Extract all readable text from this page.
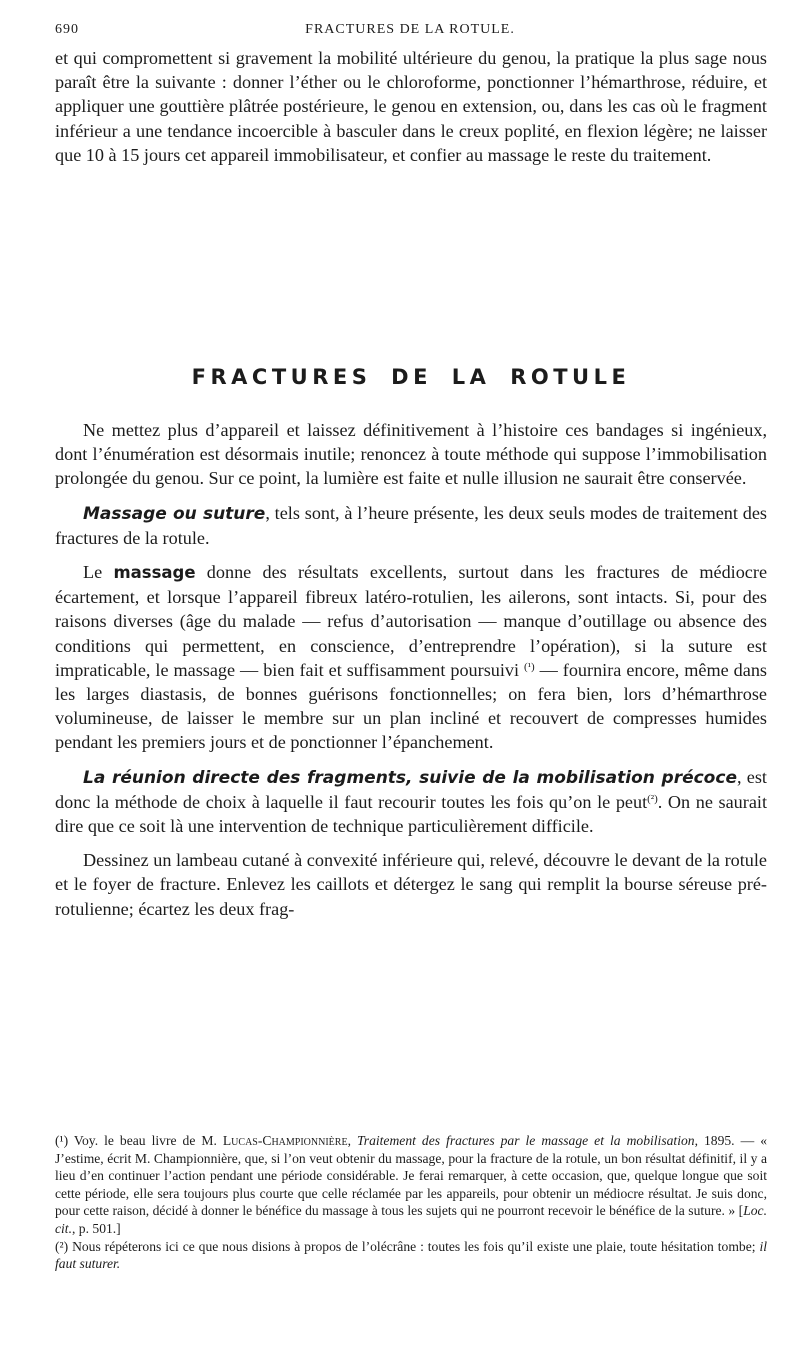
690	FRACTURES DE LA ROTULE.

et qui compromettent si gravement la mobilité ultérieure du genou, la pratique la plus sage nous paraît être la suivante : donner l’éther ou le chloroforme, ponctionner l’hémarthrose, réduire, et appliquer une gouttière plâtrée postérieure, le genou en extension, ou, dans les cas où le fragment inférieur a une tendance incoercible à basculer dans le creux poplité, en flexion légère; ne laisser que 10 à 15 jours cet appareil immobilisateur, et confier au massage le reste du traitement.

FRACTURES DE LA ROTULE

Ne mettez plus d’appareil et laissez définitivement à l’histoire ces bandages si ingénieux, dont l’énumération est désormais inutile; renoncez à toute méthode qui suppose l’immobilisation prolongée du genou. Sur ce point, la lumière est faite et nulle illusion ne saurait être conservée.

Massage ou suture, tels sont, à l’heure présente, les deux seuls modes de traitement des fractures de la rotule.

Le massage donne des résultats excellents, surtout dans les fractures de médiocre écartement, et lorsque l’appareil fibreux latéro-rotulien, les ailerons, sont intacts. Si, pour des raisons diverses (âge du malade — refus d’autorisation — manque d’outillage ou absence des conditions qui permettent, en conscience, d’entreprendre l’opération), si la suture est impraticable, le massage — bien fait et suffisamment poursuivi $^{(^1)}$ — fournira encore, même dans les larges diastasis, de bonnes guérisons fonctionnelles; on fera bien, lors d’hémarthrose volumineuse, de laisser le membre sur un plan incliné et recouvert de compresses humides pendant les premiers jours et de ponctionner l’épanchement.

La réunion directe des fragments, suivie de la mobilisation précoce, est donc la méthode de choix à laquelle il faut recourir toutes les fois qu’on le peut$^{(^2)}$. On ne saurait dire que ce soit là une intervention de technique particulièrement difficile.

Dessinez un lambeau cutané à convexité inférieure qui, relevé, découvre le devant de la rotule et le foyer de fracture. Enlevez les caillots et détergez le sang qui remplit la bourse séreuse pré-rotulienne; écartez les deux frag-

(¹) Voy. le beau livre de M. Lucas-Championnière, Traitement des fractures par le massage et la mobilisation, 1895. — « J’estime, écrit M. Championnière, que, si l’on veut obtenir du massage, pour la fracture de la rotule, un bon résultat définitif, il y a lieu d’en continuer l’action pendant une période considérable. Je ferai remarquer, à cette occasion, que, quelque longue que soit cette période, elle sera toujours plus courte que celle réclamée par les appareils, pour obtenir un médiocre résultat. Je suis donc, pour cette raison, décidé à donner le bénéfice du massage à tous les sujets qui ne pourront recevoir le bénéfice de la suture. » [Loc. cit., p. 501.]

(²) Nous répéterons ici ce que nous disions à propos de l’olécrâne : toutes les fois qu’il existe une plaie, toute hésitation tombe; il faut suturer.
